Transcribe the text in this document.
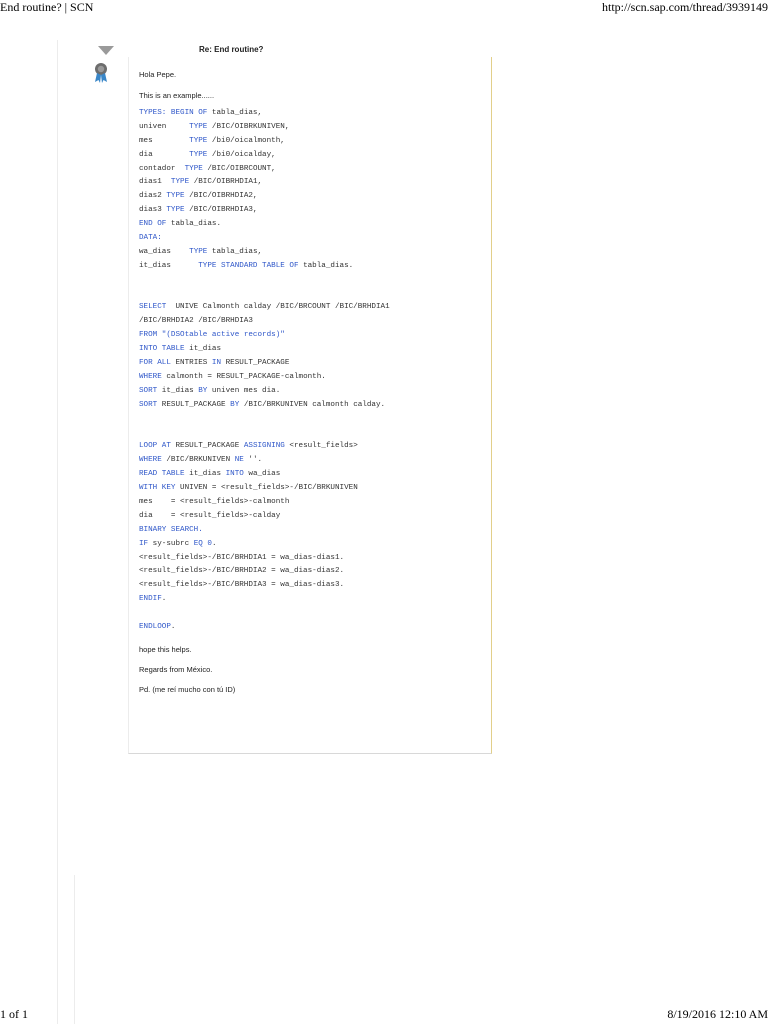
End routine? | SCN	http://scn.sap.com/thread/3939149
Re: End routine?
Hola Pepe.
This is an example......
TYPES: BEGIN OF tabla_dias,
univen     TYPE /BIC/OIBRKUNIVEN,
mes        TYPE /bi0/oicalmonth,
dia        TYPE /bi0/oicalday,
contador  TYPE /BIC/OIBRCOUNT,
dias1  TYPE /BIC/OIBRHDIA1,
dias2 TYPE /BIC/OIBRHDIA2,
dias3 TYPE /BIC/OIBRHDIA3,
END OF tabla_dias.
DATA:
wa_dias    TYPE tabla_dias,
it_dias      TYPE STANDARD TABLE OF tabla_dias.
SELECT  UNIVE Calmonth calday /BIC/BRCOUNT /BIC/BRHDIA1
/BIC/BRHDIA2 /BIC/BRHDIA3
FROM "(DSOtable active records)"
INTO TABLE it_dias
FOR ALL ENTRIES IN RESULT_PACKAGE
WHERE calmonth = RESULT_PACKAGE-calmonth.
SORT it_dias BY univen mes dia.
SORT RESULT_PACKAGE BY /BIC/BRKUNIVEN calmonth calday.
LOOP AT RESULT_PACKAGE ASSIGNING <result_fields>
WHERE /BIC/BRKUNIVEN NE ''.
READ TABLE it_dias INTO wa_dias
WITH KEY UNIVEN = <result_fields>-/BIC/BRKUNIVEN
mes    = <result_fields>-calmonth
dia    = <result_fields>-calday
BINARY SEARCH.
IF sy-subrc EQ 0.
<result_fields>-/BIC/BRHDIA1 = wa_dias-dias1.
<result_fields>-/BIC/BRHDIA2 = wa_dias-dias2.
<result_fields>-/BIC/BRHDIA3 = wa_dias-dias3.
ENDIF.
ENDLOOP.
hope this helps.
Regards from México.
Pd. (me reí mucho con tú ID)
1 of 1	8/19/2016 12:10 AM
